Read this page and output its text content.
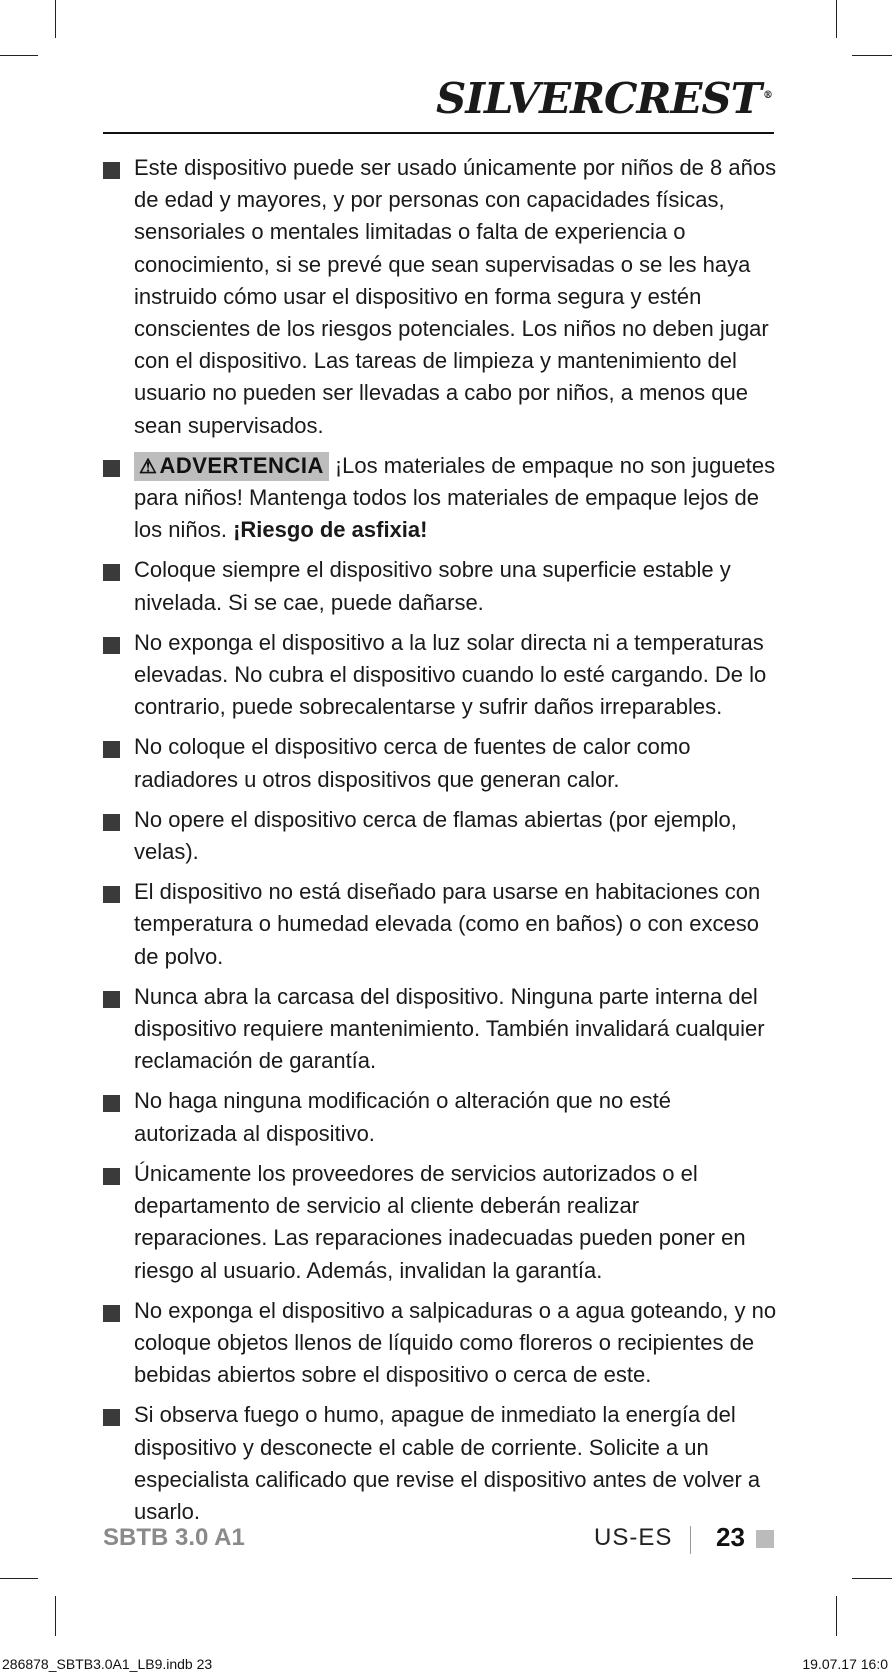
SILVERCREST ®
Este dispositivo puede ser usado únicamente por niños de 8 años de edad y mayores, y por personas con capacidades físicas, sensoriales o mentales limitadas o falta de experiencia o conocimiento, si se prevé que sean supervisadas o se les haya instruido cómo usar el dispositivo en forma segura y estén conscientes de los riesgos potenciales. Los niños no deben jugar con el dispositivo. Las tareas de limpieza y mantenimiento del usuario no pueden ser llevadas a cabo por niños, a menos que sean supervisados.
⚠ADVERTENCIA ¡Los materiales de empaque no son juguetes para niños! Mantenga todos los materiales de empaque lejos de los niños. ¡Riesgo de asfixia!
Coloque siempre el dispositivo sobre una superficie estable y nivelada. Si se cae, puede dañarse.
No exponga el dispositivo a la luz solar directa ni a temperaturas elevadas. No cubra el dispositivo cuando lo esté cargando. De lo contrario, puede sobrecalentarse y sufrir daños irreparables.
No coloque el dispositivo cerca de fuentes de calor como radiadores u otros dispositivos que generan calor.
No opere el dispositivo cerca de flamas abiertas (por ejemplo, velas).
El dispositivo no está diseñado para usarse en habitaciones con temperatura o humedad elevada (como en baños) o con exceso de polvo.
Nunca abra la carcasa del dispositivo. Ninguna parte interna del dispositivo requiere mantenimiento. También invalidará cualquier reclamación de garantía.
No haga ninguna modificación o alteración que no esté autorizada al dispositivo.
Únicamente los proveedores de servicios autorizados o el departamento de servicio al cliente deberán realizar reparaciones. Las reparaciones inadecuadas pueden poner en riesgo al usuario. Además, invalidan la garantía.
No exponga el dispositivo a salpicaduras o a agua goteando, y no coloque objetos llenos de líquido como floreros o recipientes de bebidas abiertos sobre el dispositivo o cerca de este.
Si observa fuego o humo, apague de inmediato la energía del dispositivo y desconecte el cable de corriente. Solicite a un especialista calificado que revise el dispositivo antes de volver a usarlo.
SBTB 3.0 A1	US-ES 23
286878_SBTB3.0A1_LB9.indb 23	19.07.17 16:0
